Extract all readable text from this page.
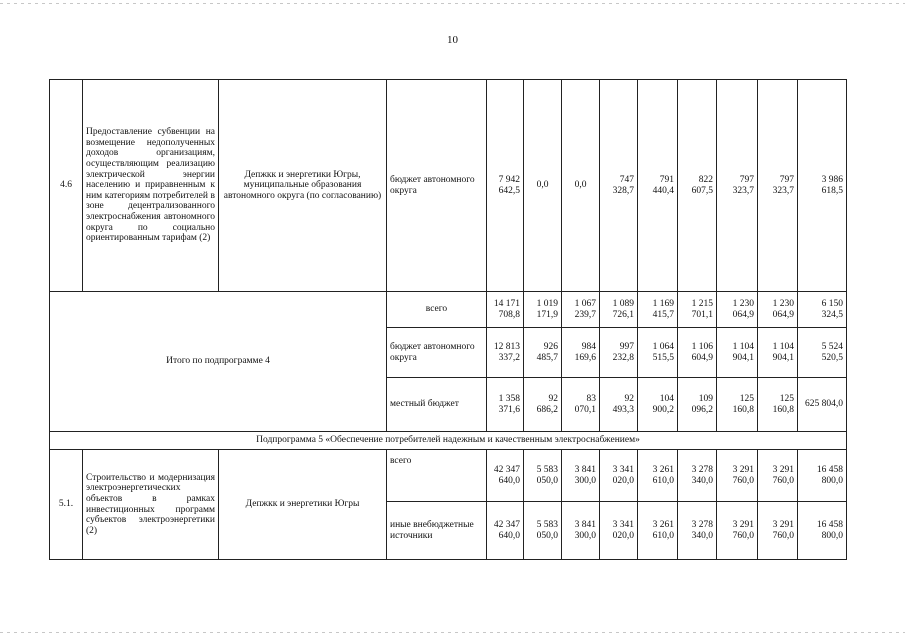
10
4.6	Предоставление субвенции на возмещение недополученных доходов организациям, осуществляющим реализацию электрической энергии населению и приравненным к ним категориям потребителей в зоне децентрализованного электроснабжения автономного округа по социально ориентированным тарифам (2)	Депжкк и энергетики Югры, муниципальные образования автономного округа (по согласованию)	бюджет автономного округа	7 942 642,5	0,0	0,0	747 328,7	791 440,4	822 607,5	797 323,7	797 323,7	3 986 618,5
Итого по подпрограмме 4			всего	14 171 708,8	1 019 171,9	1 067 239,7	1 089 726,1	1 169 415,7	1 215 701,1	1 230 064,9	1 230 064,9	6 150 324,5
			бюджет автономного округа	12 813 337,2	926 485,7	984 169,6	997 232,8	1 064 515,5	1 106 604,9	1 104 904,1	1 104 904,1	5 524 520,5
			местный бюджет	1 358 371,6	92 686,2	83 070,1	92 493,3	104 900,2	109 096,2	125 160,8	125 160,8	625 804,0
Подпрограмма 5 «Обеспечение потребителей надежным и качественным электроснабжением»												
5.1.	Строительство и модернизация электроэнергетических объектов в рамках инвестиционных программ субъектов электроэнергетики (2)	Депжкк и энергетики Югры	всего	42 347 640,0	5 583 050,0	3 841 300,0	3 341 020,0	3 261 610,0	3 278 340,0	3 291 760,0	3 291 760,0	16 458 800,0
			иные внебюджетные источники	42 347 640,0	5 583 050,0	3 841 300,0	3 341 020,0	3 261 610,0	3 278 340,0	3 291 760,0	3 291 760,0	16 458 800,0
